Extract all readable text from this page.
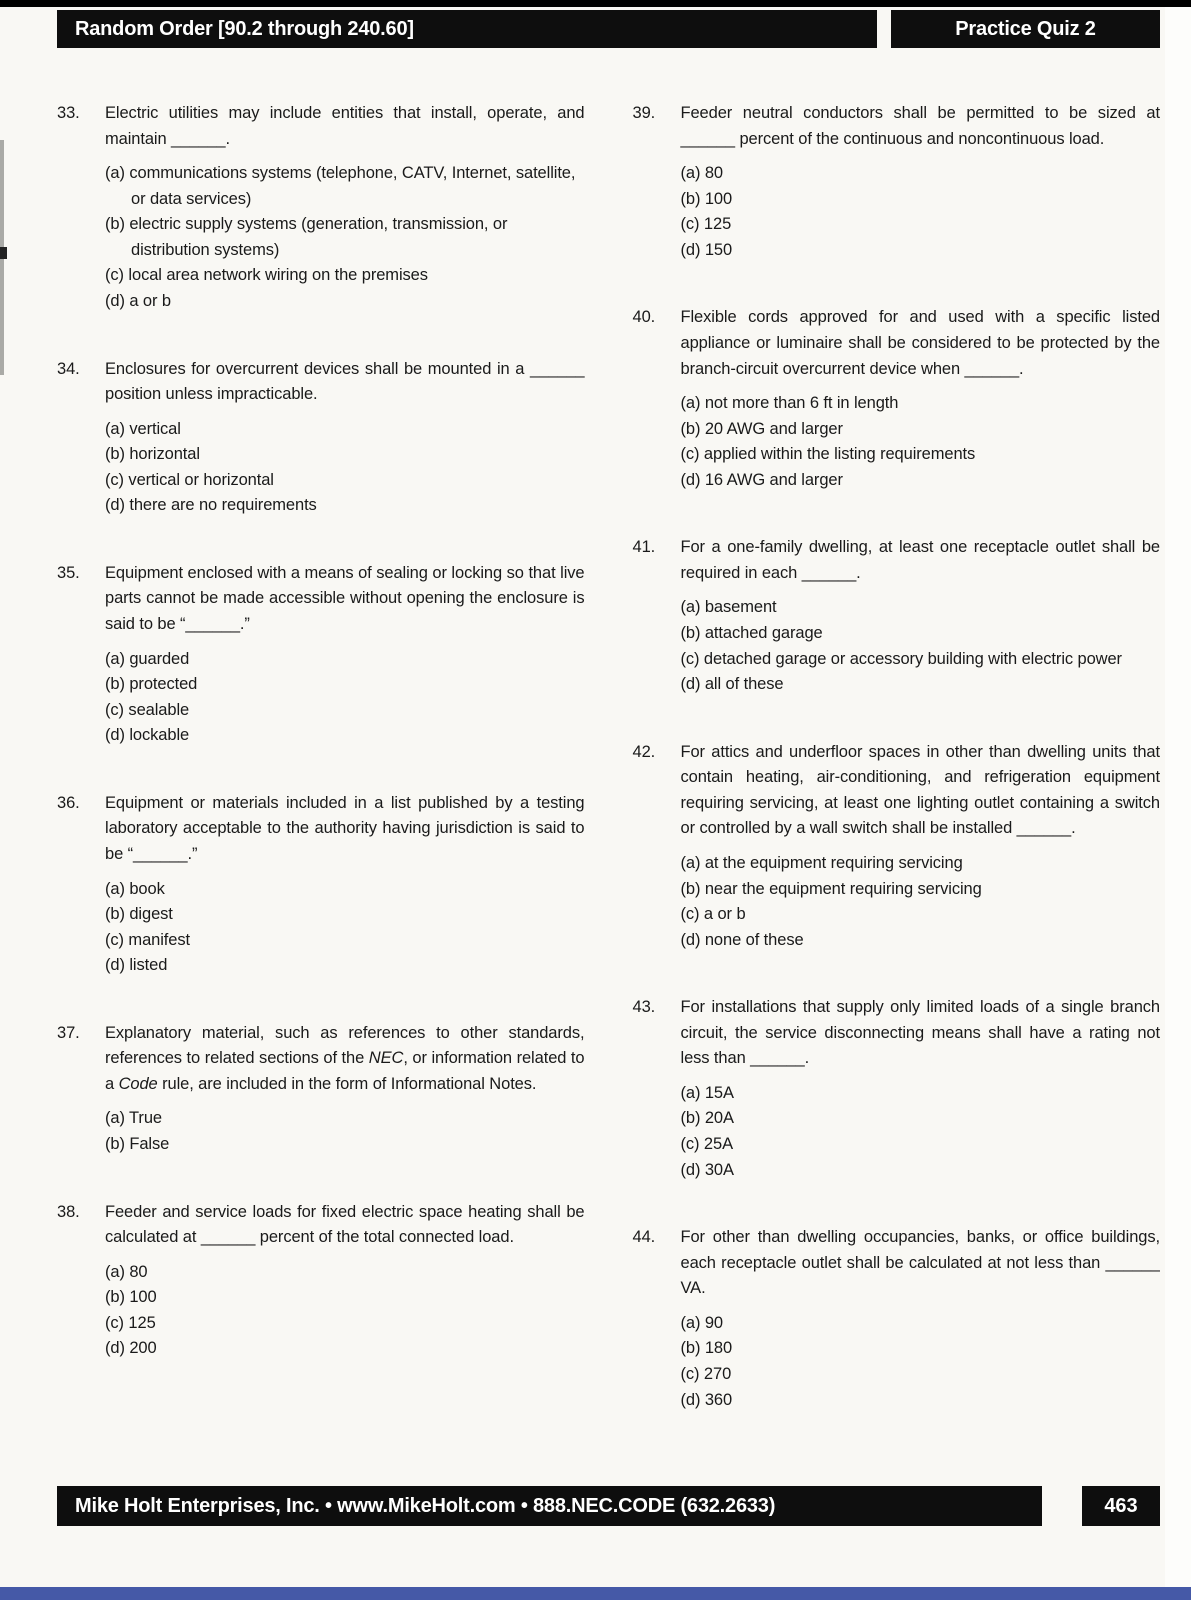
Random Order [90.2 through 240.60]	Practice Quiz 2
33.	Electric utilities may include entities that install, operate, and maintain ______.

(a) communications systems (telephone, CATV, Internet, satellite, or data services)
(b) electric supply systems (generation, transmission, or distribution systems)
(c) local area network wiring on the premises
(d) a or b
34.	Enclosures for overcurrent devices shall be mounted in a ______ position unless impracticable.

(a) vertical
(b) horizontal
(c) vertical or horizontal
(d) there are no requirements
35.	Equipment enclosed with a means of sealing or locking so that live parts cannot be made accessible without opening the enclosure is said to be “______.”

(a) guarded
(b) protected
(c) sealable
(d) lockable
36.	Equipment or materials included in a list published by a testing laboratory acceptable to the authority having jurisdiction is said to be “______.”

(a) book
(b) digest
(c) manifest
(d) listed
37.	Explanatory material, such as references to other standards, references to related sections of the NEC, or information related to a Code rule, are included in the form of Informational Notes.

(a) True
(b) False
38.	Feeder and service loads for fixed electric space heating shall be calculated at ______ percent of the total connected load.

(a) 80
(b) 100
(c) 125
(d) 200
39.	Feeder neutral conductors shall be permitted to be sized at ______ percent of the continuous and noncontinuous load.

(a) 80
(b) 100
(c) 125
(d) 150
40.	Flexible cords approved for and used with a specific listed appliance or luminaire shall be considered to be protected by the branch-circuit overcurrent device when ______.

(a) not more than 6 ft in length
(b) 20 AWG and larger
(c) applied within the listing requirements
(d) 16 AWG and larger
41.	For a one-family dwelling, at least one receptacle outlet shall be required in each ______.

(a) basement
(b) attached garage
(c) detached garage or accessory building with electric power
(d) all of these
42.	For attics and underfloor spaces in other than dwelling units that contain heating, air-conditioning, and refrigeration equipment requiring servicing, at least one lighting outlet containing a switch or controlled by a wall switch shall be installed ______.

(a) at the equipment requiring servicing
(b) near the equipment requiring servicing
(c) a or b
(d) none of these
43.	For installations that supply only limited loads of a single branch circuit, the service disconnecting means shall have a rating not less than ______.

(a) 15A
(b) 20A
(c) 25A
(d) 30A
44.	For other than dwelling occupancies, banks, or office buildings, each receptacle outlet shall be calculated at not less than ______ VA.

(a) 90
(b) 180
(c) 270
(d) 360
Mike Holt Enterprises, Inc. • www.MikeHolt.com • 888.NEC.CODE (632.2633)	463
